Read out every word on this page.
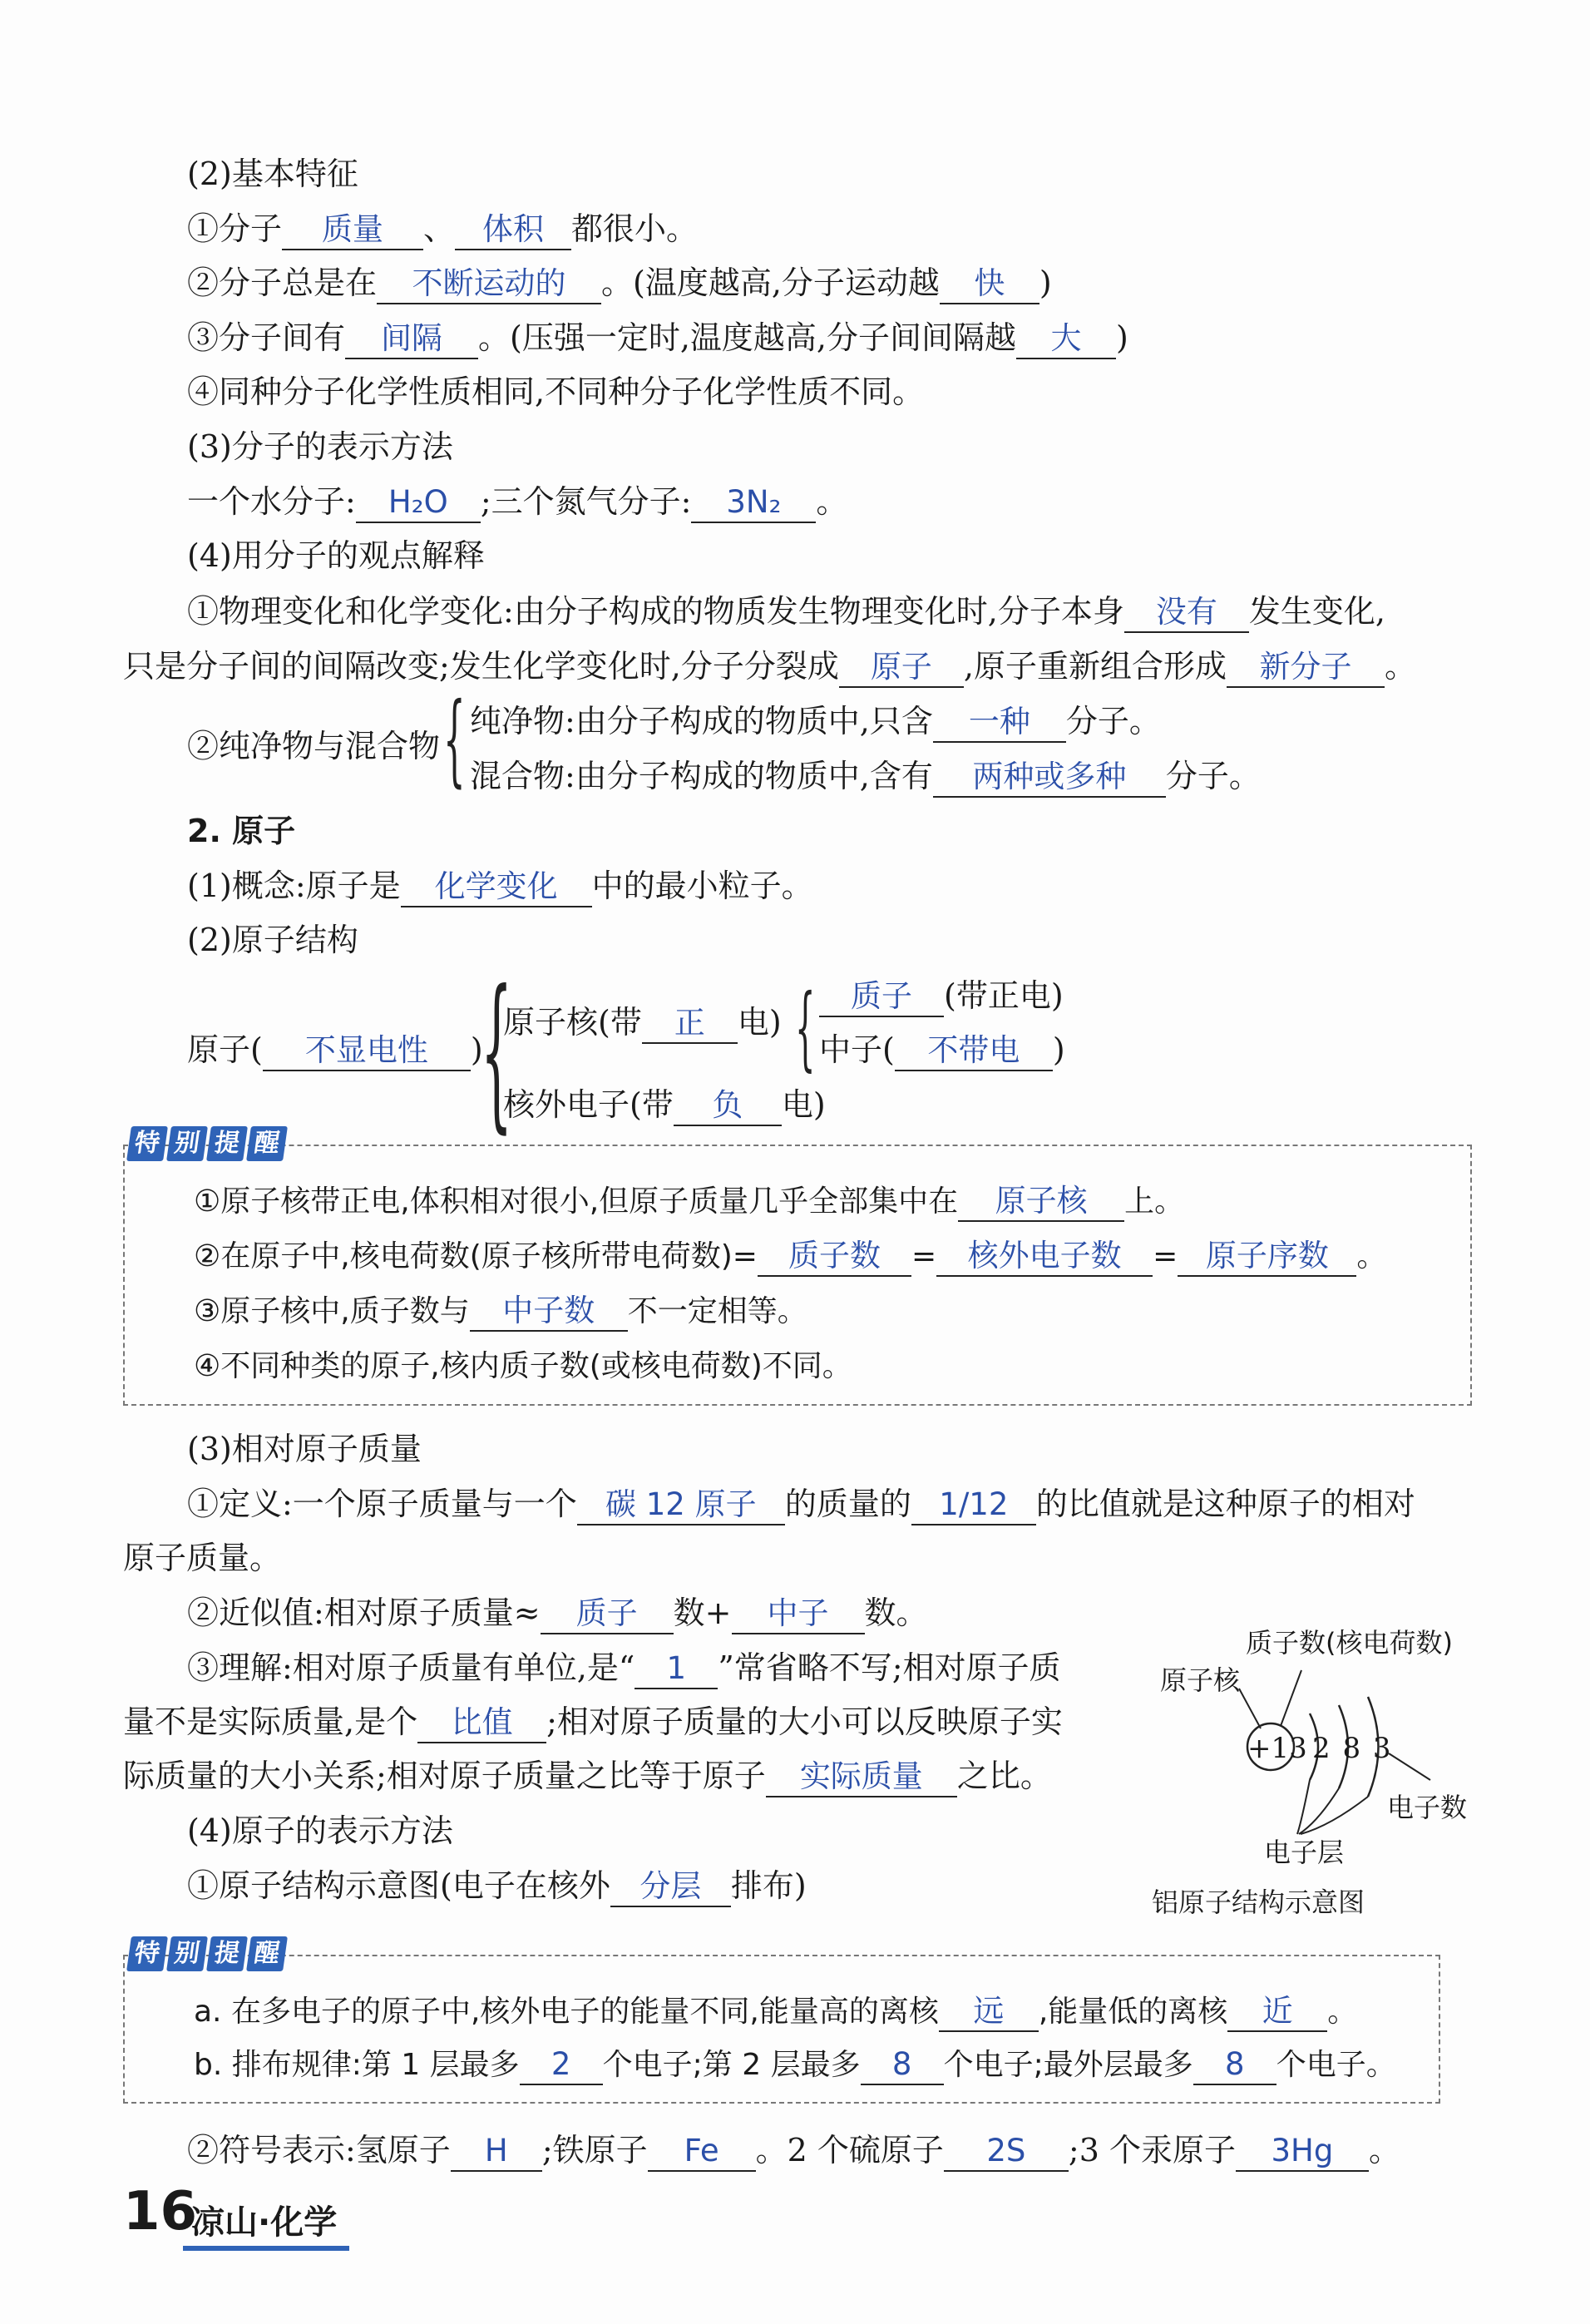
(2)基本特征
①分子 质量 、 体积 都很小。
②分子总是在 不断运动的 。(温度越高,分子运动越 快 )
③分子间有 间隔 。(压强一定时,温度越高,分子间间隔越 大 )
④同种分子化学性质相同,不同种分子化学性质不同。
(3)分子的表示方法
一个水分子: H₂O ;三个氮气分子: 3N₂ 。
(4)用分子的观点解释
①物理变化和化学变化:由分子构成的物质发生物理变化时,分子本身 没有 发生变化,
只是分子间的间隔改变;发生化学变化时,分子分裂成 原子 ,原子重新组合形成 新分子 。
②纯净物与混合物 { 纯净物:由分子构成的物质中,只含 一种 分子。
混合物:由分子构成的物质中,含有 两种或多种 分子。
2. 原子
(1)概念:原子是 化学变化 中的最小粒子。
(2)原子结构
原子( 不显电性 )
{
原子核(带 正 电) {	质子 (带正电)
中子( 不带电 )
核外电子(带 负 电)
特 别 提 醒
①原子核带正电,体积相对很小,但原子质量几乎全部集中在 原子核 上。
②在原子中,核电荷数(原子核所带电荷数)= 质子数 = 核外电子数 = 原子序数 。
③原子核中,质子数与 中子数 不一定相等。
④不同种类的原子,核内质子数(或核电荷数)不同。
(3)相对原子质量
①定义:一个原子质量与一个 碳 12 原子 的质量的 1/12 的比值就是这种原子的相对
原子质量。
②近似值:相对原子质量≈ 质子 数+ 中子 数。
③理解:相对原子质量有单位,是“ 1 ”常省略不写;相对原子质
量不是实际质量,是个 比值 ;相对原子质量的大小可以反映原子实
际质量的大小关系;相对原子质量之比等于原子 实际质量 之比。
(4)原子的表示方法
①原子结构示意图(电子在核外 分层 排布)
质子数(核电荷数)
原子核
+13 2 8 3
电子数
电子层
铝原子结构示意图
特 别 提 醒
a. 在多电子的原子中,核外电子的能量不同,能量高的离核 远 ,能量低的离核 近 。
b. 排布规律:第 1 层最多 2 个电子;第 2 层最多 8 个电子;最外层最多 8 个电子。
②符号表示:氢原子 H ;铁原子 Fe 。2 个硫原子 2S ;3 个汞原子 3Hg 。
16
凉山·化学
